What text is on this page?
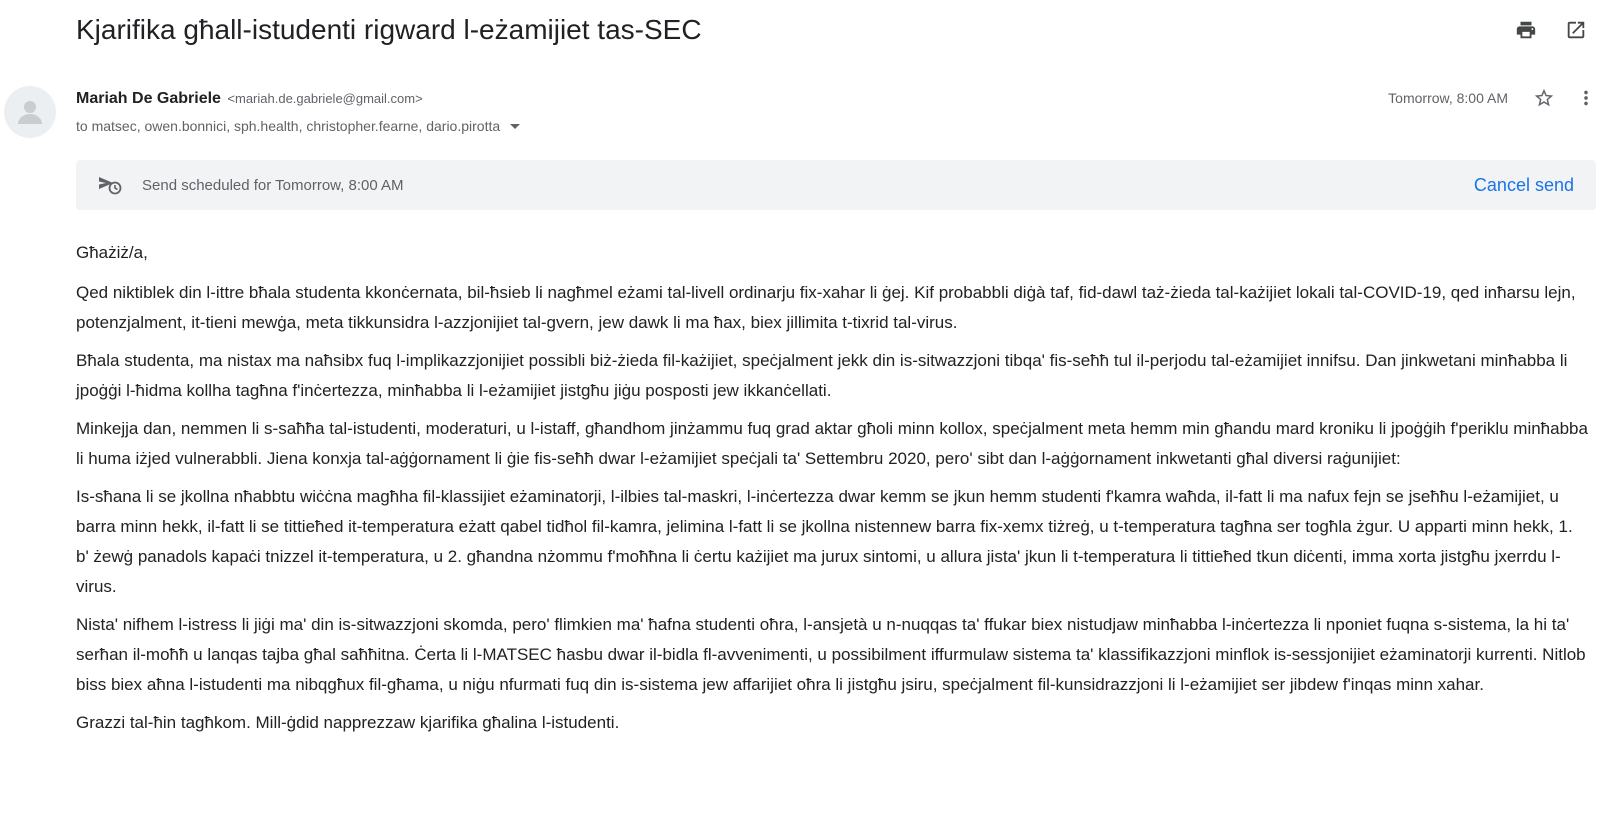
Kjarifika għall-istudenti rigward l-eżamijiet tas-SEC
Mariah De Gabriele <mariah.de.gabriele@gmail.com>
to matsec, owen.bonnici, sph.health, christopher.fearne, dario.pirotta
Tomorrow, 8:00 AM
Send scheduled for Tomorrow, 8:00 AM	Cancel send

Għażiż/a,

Qed niktiblek din l-ittre bħala studenta kkonċernata, bil-ħsieb li nagħmel eżami tal-livell ordinarju fix-xahar li ġej. Kif probabbli diġà taf, fid-dawl taż-żieda tal-każijiet lokali tal-COVID-19, qed inħarsu lejn, potenzjalment, it-tieni mewġa, meta tikkunsidra l-azzjonijiet tal-gvern, jew dawk li ma ħax, biex jillimita t-tixrid tal-virus.

Bħala studenta, ma nistax ma naħsibx fuq l-implikazzjonijiet possibli biż-żieda fil-każijiet, speċjalment jekk din is-sitwazzjoni tibqa' fis-seħħ tul il-perjodu tal-eżamijiet innifsu. Dan jinkwetani minħabba li jpoġġi l-ħidma kollha tagħna f'inċertezza, minħabba li l-eżamijiet jistgħu jiġu posposti jew ikkanċellati.

Minkejja dan, nemmen li s-saħħa tal-istudenti, moderaturi, u l-istaff, għandhom jinżammu fuq grad aktar għoli minn kollox, speċjalment meta hemm min għandu mard kroniku li jpoġġih f'periklu minħabba li huma iżjed vulnerabbli. Jiena konxja tal-aġġornament li ġie fis-seħħ dwar l-eżamijiet speċjali ta' Settembru 2020, pero' sibt dan l-aġġornament inkwetanti għal diversi raġunijiet:

Is-sħana li se jkollna nħabbtu wiċċna magħha fil-klassijiet eżaminatorji, l-ilbies tal-maskri, l-inċertezza dwar kemm se jkun hemm studenti f'kamra waħda, il-fatt li ma nafux fejn se jseħħu l-eżamijiet, u barra minn hekk, il-fatt li se tittieħed it-temperatura eżatt qabel tidħol fil-kamra, jelimina l-fatt li se jkollna nistennew barra fix-xemx tiżreġ, u t-temperatura tagħna ser togħla żgur. U apparti minn hekk, 1. b' żewġ panadols kapaċi tnizzel it-temperatura, u 2. għandna nżommu f'moħħna li ċertu każijiet ma jurux sintomi, u allura jista' jkun li t-temperatura li tittieħed tkun diċenti, imma xorta jistgħu jxerrdu l-virus.

Nista' nifhem l-istress li jiġi ma' din is-sitwazzjoni skomda, pero' flimkien ma' ħafna studenti oħra, l-ansjetà u n-nuqqas ta' ffukar biex nistudjaw minħabba l-inċertezza li nponiet fuqna s-sistema, la hi ta' serħan il-moħħ u lanqas tajba għal saħħitna. Ċerta li l-MATSEC ħasbu dwar il-bidla fl-avvenimenti, u possibilment iffurmulaw sistema ta' klassifikazzjoni minflok is-sessjonijiet eżaminatorji kurrenti. Nitlob biss biex aħna l-istudenti ma nibqgħux fil-għama, u niġu nfurmati fuq din is-sistema jew affarijiet oħra li jistgħu jsiru, speċjalment fil-kunsidrazzjoni li l-eżamijiet ser jibdew f'inqas minn xahar.

Grazzi tal-ħin tagħkom. Mill-ġdid napprezzaw kjarifika għalina l-istudenti.
